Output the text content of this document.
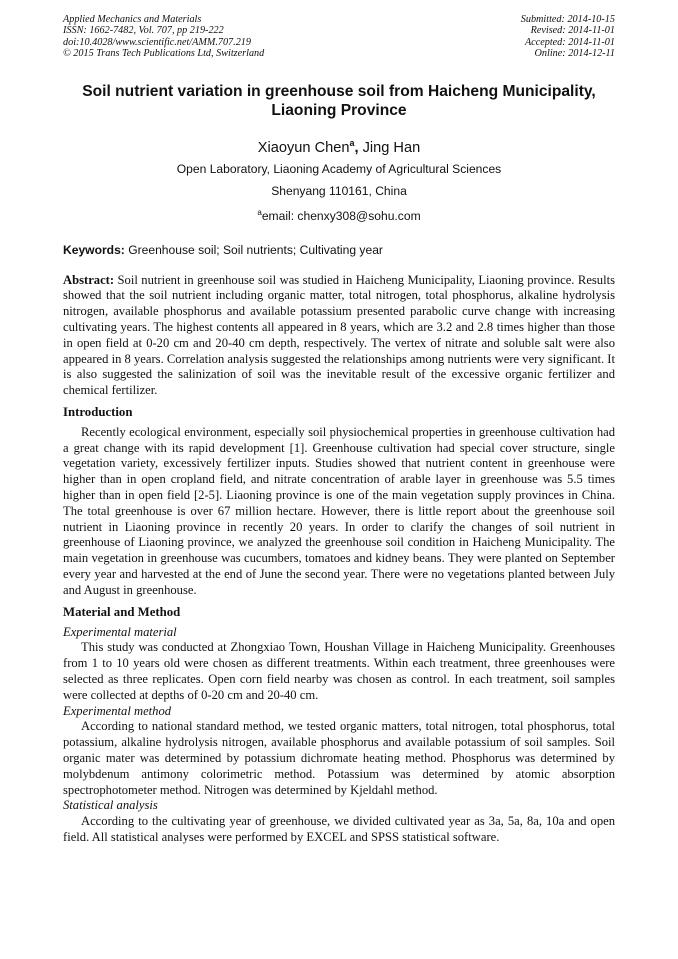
Applied Mechanics and Materials
ISSN: 1662-7482, Vol. 707, pp 219-222
doi:10.4028/www.scientific.net/AMM.707.219
© 2015 Trans Tech Publications Ltd, Switzerland
Submitted: 2014-10-15
Revised: 2014-11-01
Accepted: 2014-11-01
Online: 2014-12-11
Soil nutrient variation in greenhouse soil from Haicheng Municipality, Liaoning Province
Xiaoyun Chen$^a$, Jing Han
Open Laboratory, Liaoning Academy of Agricultural Sciences
Shenyang 110161, China
$^a$email: chenxy308@sohu.com
Keywords: Greenhouse soil; Soil nutrients; Cultivating year

Abstract: Soil nutrient in greenhouse soil was studied in Haicheng Municipality, Liaoning province. Results showed that the soil nutrient including organic matter, total nitrogen, total phosphorus, alkaline hydrolysis nitrogen, available phosphorus and available potassium presented parabolic curve change with increasing cultivating years. The highest contents all appeared in 8 years, which are 3.2 and 2.8 times higher than those in open field at 0-20 cm and 20-40 cm depth, respectively. The vertex of nitrate and soluble salt were also appeared in 8 years. Correlation analysis suggested the relationships among nutrients were very significant. It is also suggested the salinization of soil was the inevitable result of the excessive organic fertilizer and chemical fertilizer.

Introduction

Recently ecological environment, especially soil physiochemical properties in greenhouse cultivation had a great change with its rapid development [1]. Greenhouse cultivation had special cover structure, single vegetation variety, excessively fertilizer inputs. Studies showed that nutrient content in greenhouse were higher than in open cropland field, and nitrate concentration of arable layer in greenhouse was 5.5 times higher than in open field [2-5]. Liaoning province is one of the main vegetation supply provinces in China. The total greenhouse is over 67 million hectare. However, there is little report about the greenhouse soil nutrient in Liaoning province in recently 20 years. In order to clarify the changes of soil nutrient in greenhouse of Liaoning province, we analyzed the greenhouse soil condition in Haicheng Municipality. The main vegetation in greenhouse was cucumbers, tomatoes and kidney beans. They were planted on September every year and harvested at the end of June the second year. There were no vegetations planted between July and August in greenhouse.

Material and Method
Experimental material

This study was conducted at Zhongxiao Town, Houshan Village in Haicheng Municipality. Greenhouses from 1 to 10 years old were chosen as different treatments. Within each treatment, three greenhouses were selected as three replicates. Open corn field nearby was chosen as control. In each treatment, soil samples were collected at depths of 0-20 cm and 20-40 cm.

Experimental method

According to national standard method, we tested organic matters, total nitrogen, total phosphorus, total potassium, alkaline hydrolysis nitrogen, available phosphorus and available potassium of soil samples. Soil organic mater was determined by potassium dichromate heating method. Phosphorus was determined by molybdenum antimony colorimetric method. Potassium was determined by atomic absorption spectrophotometer method. Nitrogen was determined by Kjeldahl method.

Statistical analysis

According to the cultivating year of greenhouse, we divided cultivated year as 3a, 5a, 8a, 10a and open field. All statistical analyses were performed by EXCEL and SPSS statistical software.
